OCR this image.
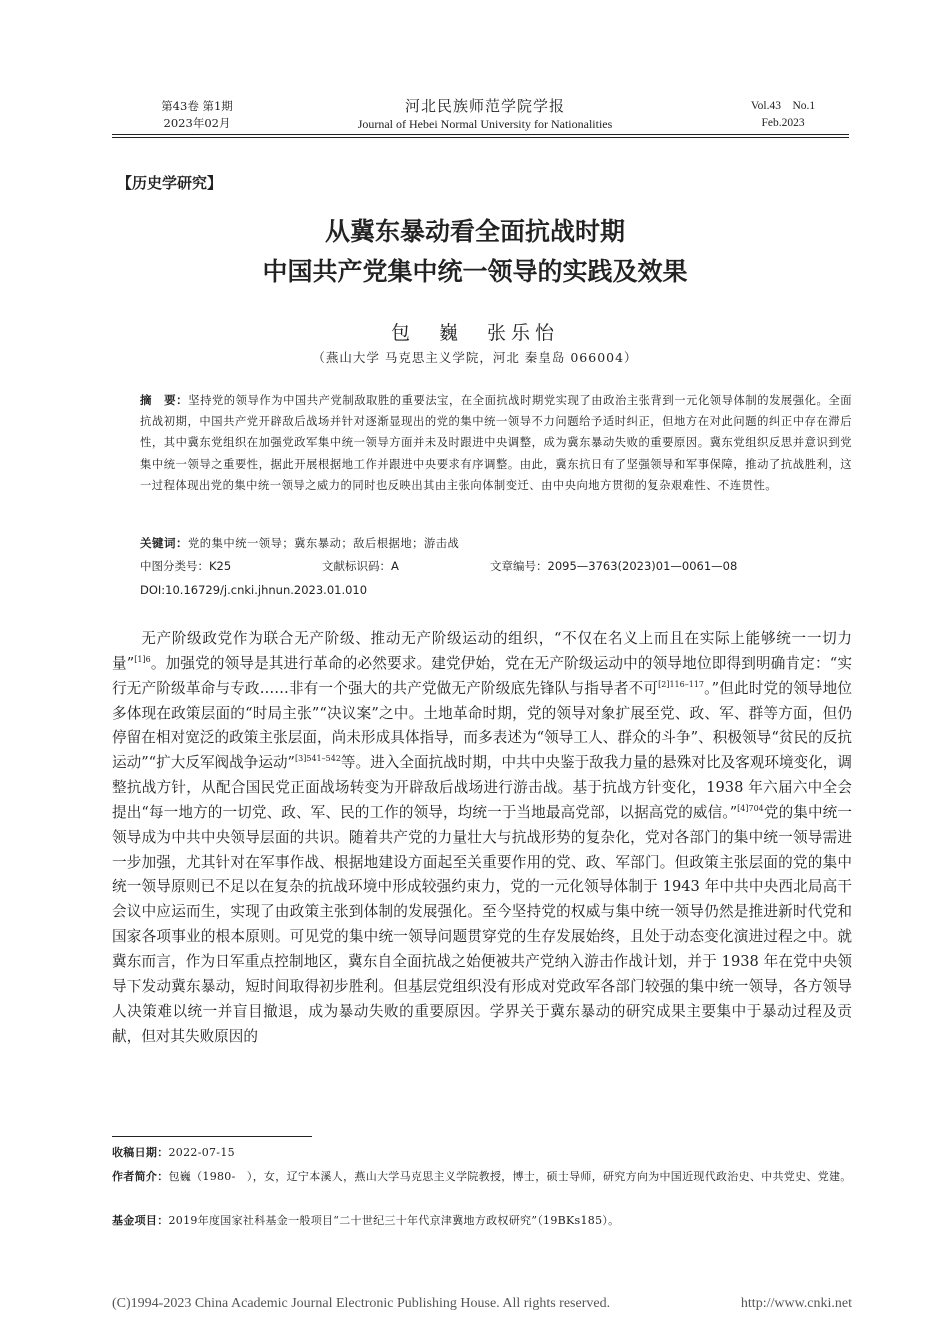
第43卷 第1期
2023年02月
河北民族师范学院学报
Journal of Hebei Normal University for Nationalities
Vol.43　No.1
Feb.2023
【历史学研究】
从冀东暴动看全面抗战时期
中国共产党集中统一领导的实践及效果
包　巍　张乐怡
（燕山大学 马克思主义学院，河北 秦皇岛 066004）
摘　要：坚持党的领导作为中国共产党制敌取胜的重要法宝，在全面抗战时期党实现了由政治主张背到一元化领导体制的发展强化。全面抗战初期，中国共产党开辟敌后战场并针对逐渐显现出的党的集中统一领导不力问题给予适时纠正，但地方在对此问题的纠正中存在滞后性，其中冀东党组织在加强党政军集中统一领导方面并未及时跟进中央调整，成为冀东暴动失败的重要原因。冀东党组织反思并意识到党集中统一领导之重要性，据此开展根据地工作并跟进中央要求有序调整。由此，冀东抗日有了坚强领导和军事保障，推动了抗战胜利，这一过程体现出党的集中统一领导之威力的同时也反映出其由主张向体制变迁、由中央向地方贯彻的复杂艰难性、不连贯性。
关键词：党的集中统一领导；冀东暴动；敌后根据地；游击战
中图分类号：K25	文献标识码：A	文章编号：2095—3763(2023)01—0061—08
DOI:10.16729/j.cnki.jhnun.2023.01.010

无产阶级政党作为联合无产阶级、推动无产阶级运动的组织，“不仅在名义上而且在实际上能够统一一切力量”$^{[1]6}$。加强党的领导是其进行革命的必然要求。建党伊始，党在无产阶级运动中的领导地位即得到明确肯定：“实行无产阶级革命与专政……非有一个强大的共产党做无产阶级底先锋队与指导者不可$^{[2]116-117}$。”但此时党的领导地位多体现在政策层面的“时局主张”“决议案”之中。土地革命时期，党的领导对象扩展至党、政、军、群等方面，但仍停留在相对宽泛的政策主张层面，尚未形成具体指导，而多表述为“领导工人、群众的斗争”、积极领导“贫民的反抗运动”“扩大反军阀战争运动”$^{[3]541-542}$等。进入全面抗战时期，中共中央鉴于敌我力量的悬殊对比及客观环境变化，调整抗战方针，从配合国民党正面战场转变为开辟敌后战场进行游击战。基于抗战方针变化，1938 年六届六中全会提出“每一地方的一切党、政、军、民的工作的领导，均统一于当地最高党部，以据高党的威信。”$^{[4]704}$党的集中统一领导成为中共中央领导层面的共识。随着共产党的力量壮大与抗战形势的复杂化，党对各部门的集中统一领导需进一步加强，尤其针对在军事作战、根据地建设方面起至关重要作用的党、政、军部门。但政策主张层面的党的集中统一领导原则已不足以在复杂的抗战环境中形成较强约束力，党的一元化领导体制于 1943 年中共中央西北局高干会议中应运而生，实现了由政策主张到体制的发展强化。至今坚持党的权威与集中统一领导仍然是推进新时代党和国家各项事业的根本原则。可见党的集中统一领导问题贯穿党的生存发展始终，且处于动态变化演进过程之中。就冀东而言，作为日军重点控制地区，冀东自全面抗战之始便被共产党纳入游击作战计划，并于 1938 年在党中央领导下发动冀东暴动，短时间取得初步胜利。但基层党组织没有形成对党政军各部门较强的集中统一领导，各方领导人决策难以统一并盲目撤退，成为暴动失败的重要原因。学界关于冀东暴动的研究成果主要集中于暴动过程及贡献，但对其失败原因的

收稿日期：2022-07-15
作者简介：包巍（1980-　），女，辽宁本溪人，燕山大学马克思主义学院教授，博士，硕士导师，研究方向为中国近现代政治史、中共党史、党建。
基金项目：2019年度国家社科基金一般项目“二十世纪三十年代京津冀地方政权研究”（19BKs185）。
(C)1994-2023 China Academic Journal Electronic Publishing House. All rights reserved.	http://www.cnki.net
